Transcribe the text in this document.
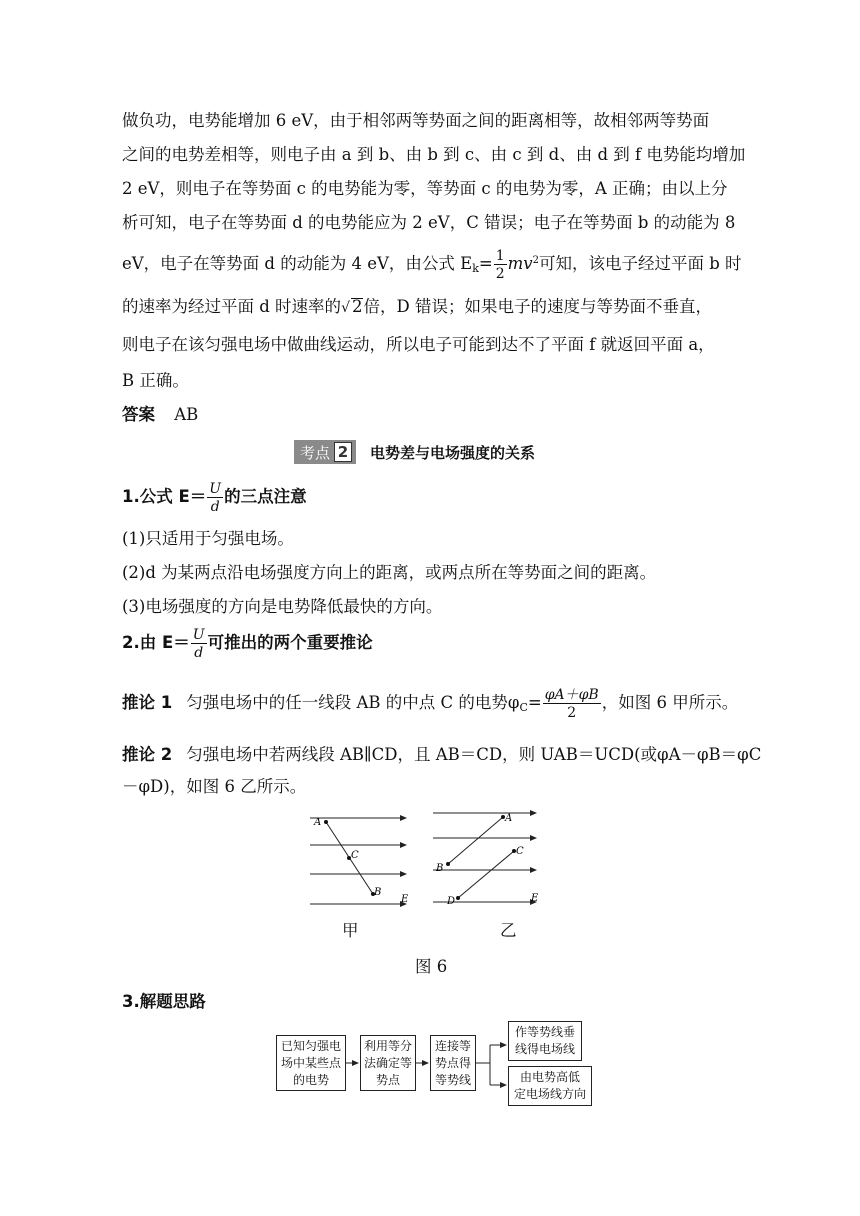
做负功，电势能增加 6 eV，由于相邻两等势面之间的距离相等，故相邻两等势面
之间的电势差相等，则电子由 a 到 b、由 b 到 c、由 c 到 d、由 d 到 f 电势能均增加
2 eV，则电子在等势面 c 的电势能为零，等势面 c 的电势为零，A 正确；由以上分
析可知，电子在等势面 d 的电势能应为 2 eV，C 错误；电子在等势面 b 的动能为 8
eV，电子在等势面 d 的动能为 4 eV，由公式 $E_k= \frac{1}{2} mv^2$可知，该电子经过平面 b 时
的速率为经过平面 d 时速率的√ 2倍，D 错误；如果电子的速度与等势面不垂直，
则电子在该匀强电场中做曲线运动，所以电子可能到达不了平面 f 就返回平面 a，
B 正确。
答案 AB
考点 2 电势差与电场强度的关系
1.公式 $E= \frac{U}{d}$ 的三点注意
(1)只适用于匀强电场。
(2)d 为某两点沿电场强度方向上的距离，或两点所在等势面之间的距离。
(3)电场强度的方向是电势降低最快的方向。
2.由 $E= \frac{U}{d}$ 可推出的两个重要推论
推论 1 匀强电场中的任一线段 AB 的中点 C 的电势$\varphi_C= \frac{\varphi A+\varphi B}{2}$ ，如图 6 甲所示。
推论 2 匀强电场中若两线段 AB∥CD，且 AB＝CD，则 UAB＝UCD(或φA－φB＝φC
－φD)，如图 6 乙所示。
A
C
B
E
A
B
C
D	E
甲	乙
图 6
3.解题思路
已知匀强电
场中某些点
的电势
利用等分
法确定等
势点
连接等
势点得
等势线
作等势线垂
线得电场线
由电势高低
定电场线方向
